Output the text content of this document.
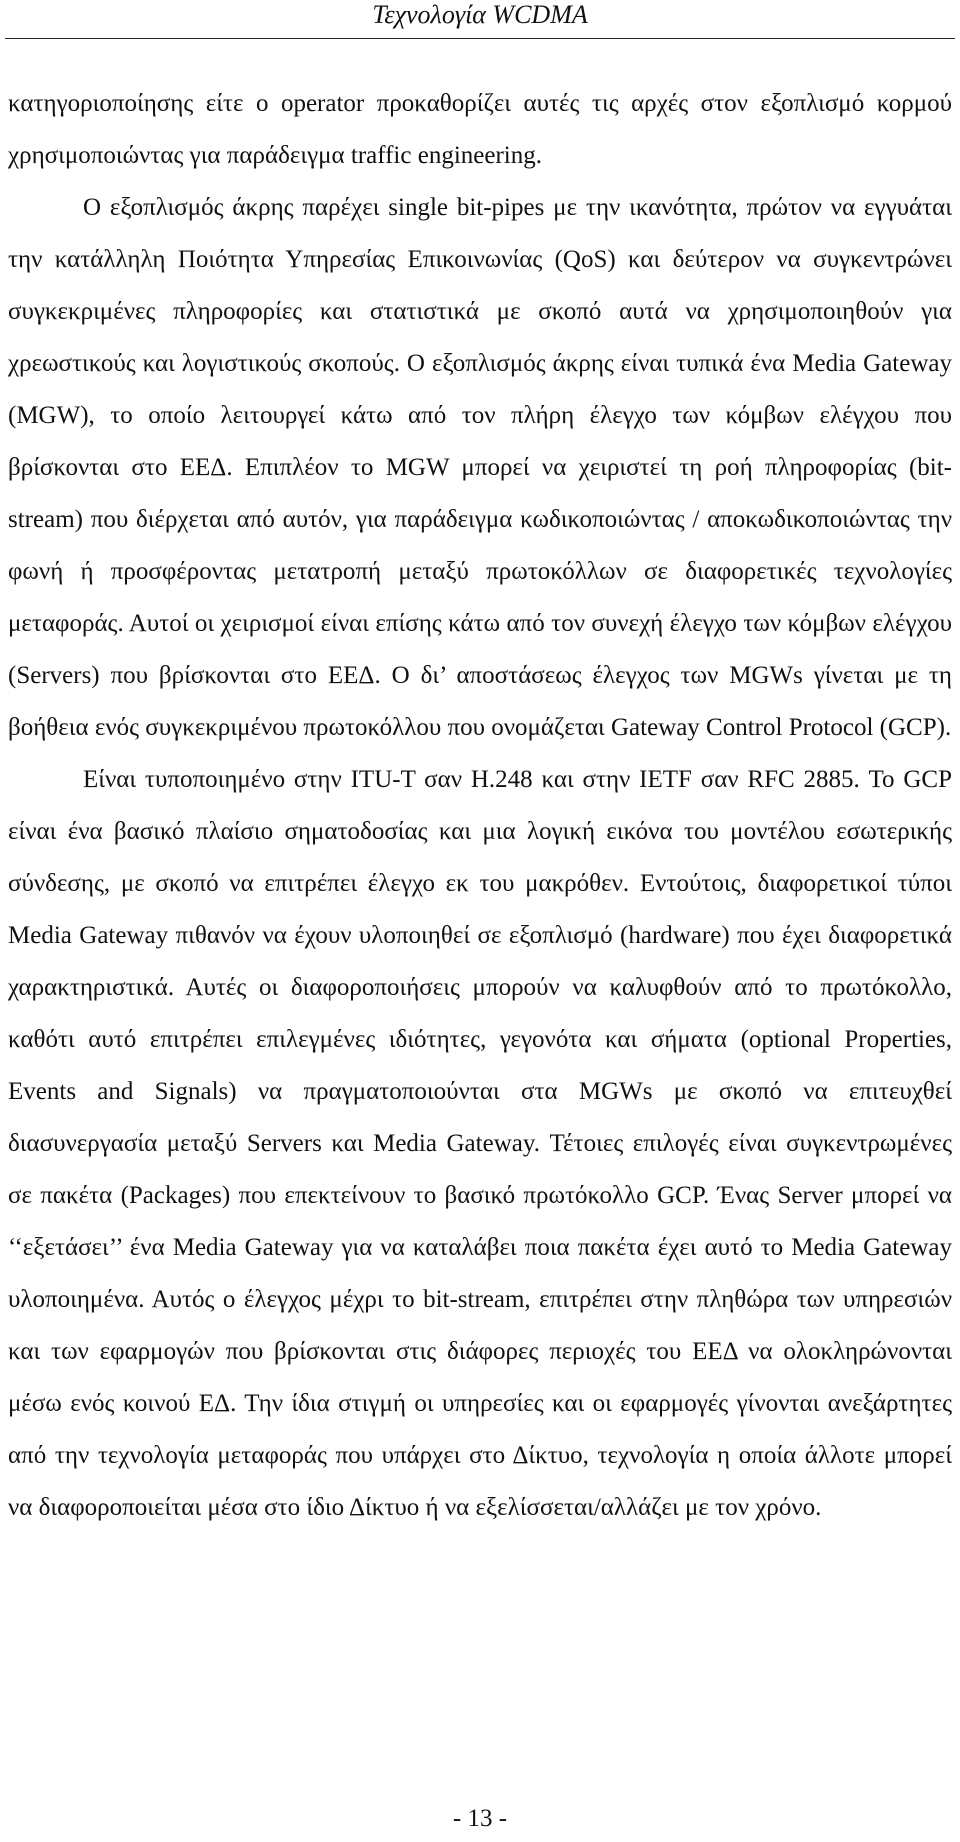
Τεχνολογία WCDMA

κατηγοριοποίησης είτε ο operator προκαθορίζει αυτές τις αρχές στον εξοπλισμό κορμού χρησιμοποιώντας για παράδειγμα traffic engineering.

Ο εξοπλισμός άκρης παρέχει single bit-pipes με την ικανότητα, πρώτον να εγγυάται την κατάλληλη Ποιότητα Υπηρεσίας Επικοινωνίας (QoS) και δεύτερον να συγκεντρώνει συγκεκριμένες πληροφορίες και στατιστικά με σκοπό αυτά να χρησιμοποιηθούν για χρεωστικούς και λογιστικούς σκοπούς. Ο εξοπλισμός άκρης είναι τυπικά ένα Media Gateway (MGW), το οποίο λειτουργεί κάτω από τον πλήρη έλεγχο των κόμβων ελέγχου που βρίσκονται στο ΕΕΔ. Επιπλέον το MGW μπορεί να χειριστεί τη ροή πληροφορίας (bit-stream) που διέρχεται από αυτόν, για παράδειγμα κωδικοποιώντας / αποκωδικοποιώντας την φωνή ή προσφέροντας μετατροπή μεταξύ πρωτοκόλλων σε διαφορετικές τεχνολογίες μεταφοράς. Αυτοί οι χειρισμοί είναι επίσης κάτω από τον συνεχή έλεγχο των κόμβων ελέγχου (Servers) που βρίσκονται στο ΕΕΔ. Ο δι’ αποστάσεως έλεγχος των MGWs γίνεται με τη βοήθεια ενός συγκεκριμένου πρωτοκόλλου που ονομάζεται Gateway Control Protocol (GCP).

Είναι τυποποιημένο στην ITU-T σαν H.248 και στην IETF σαν RFC 2885. Το GCP είναι ένα βασικό πλαίσιο σηματοδοσίας και μια λογική εικόνα του μοντέλου εσωτερικής σύνδεσης, με σκοπό να επιτρέπει έλεγχο εκ του μακρόθεν. Εντούτοις, διαφορετικοί τύποι Media Gateway πιθανόν να έχουν υλοποιηθεί σε εξοπλισμό (hardware) που έχει διαφορετικά χαρακτηριστικά. Αυτές οι διαφοροποιήσεις μπορούν να καλυφθούν από το πρωτόκολλο, καθότι αυτό επιτρέπει επιλεγμένες ιδιότητες, γεγονότα και σήματα (optional Properties, Events and Signals) να πραγματοποιούνται στα MGWs με σκοπό να επιτευχθεί διασυνεργασία μεταξύ Servers και Media Gateway. Τέτοιες επιλογές είναι συγκεντρωμένες σε πακέτα (Packages) που επεκτείνουν το βασικό πρωτόκολλο GCP. Ένας Server μπορεί να ‘‘εξετάσει’’ ένα Media Gateway για να καταλάβει ποια πακέτα έχει αυτό το Media Gateway υλοποιημένα. Αυτός ο έλεγχος μέχρι το bit-stream, επιτρέπει στην πληθώρα των υπηρεσιών και των εφαρμογών που βρίσκονται στις διάφορες περιοχές του ΕΕΔ να ολοκληρώνονται μέσω ενός κοινού ΕΔ. Την ίδια στιγμή οι υπηρεσίες και οι εφαρμογές γίνονται ανεξάρτητες από την τεχνολογία μεταφοράς που υπάρχει στο Δίκτυο, τεχνολογία η οποία άλλοτε μπορεί να διαφοροποιείται μέσα στο ίδιο Δίκτυο ή να εξελίσσεται/αλλάζει με τον χρόνο.

- 13 -
